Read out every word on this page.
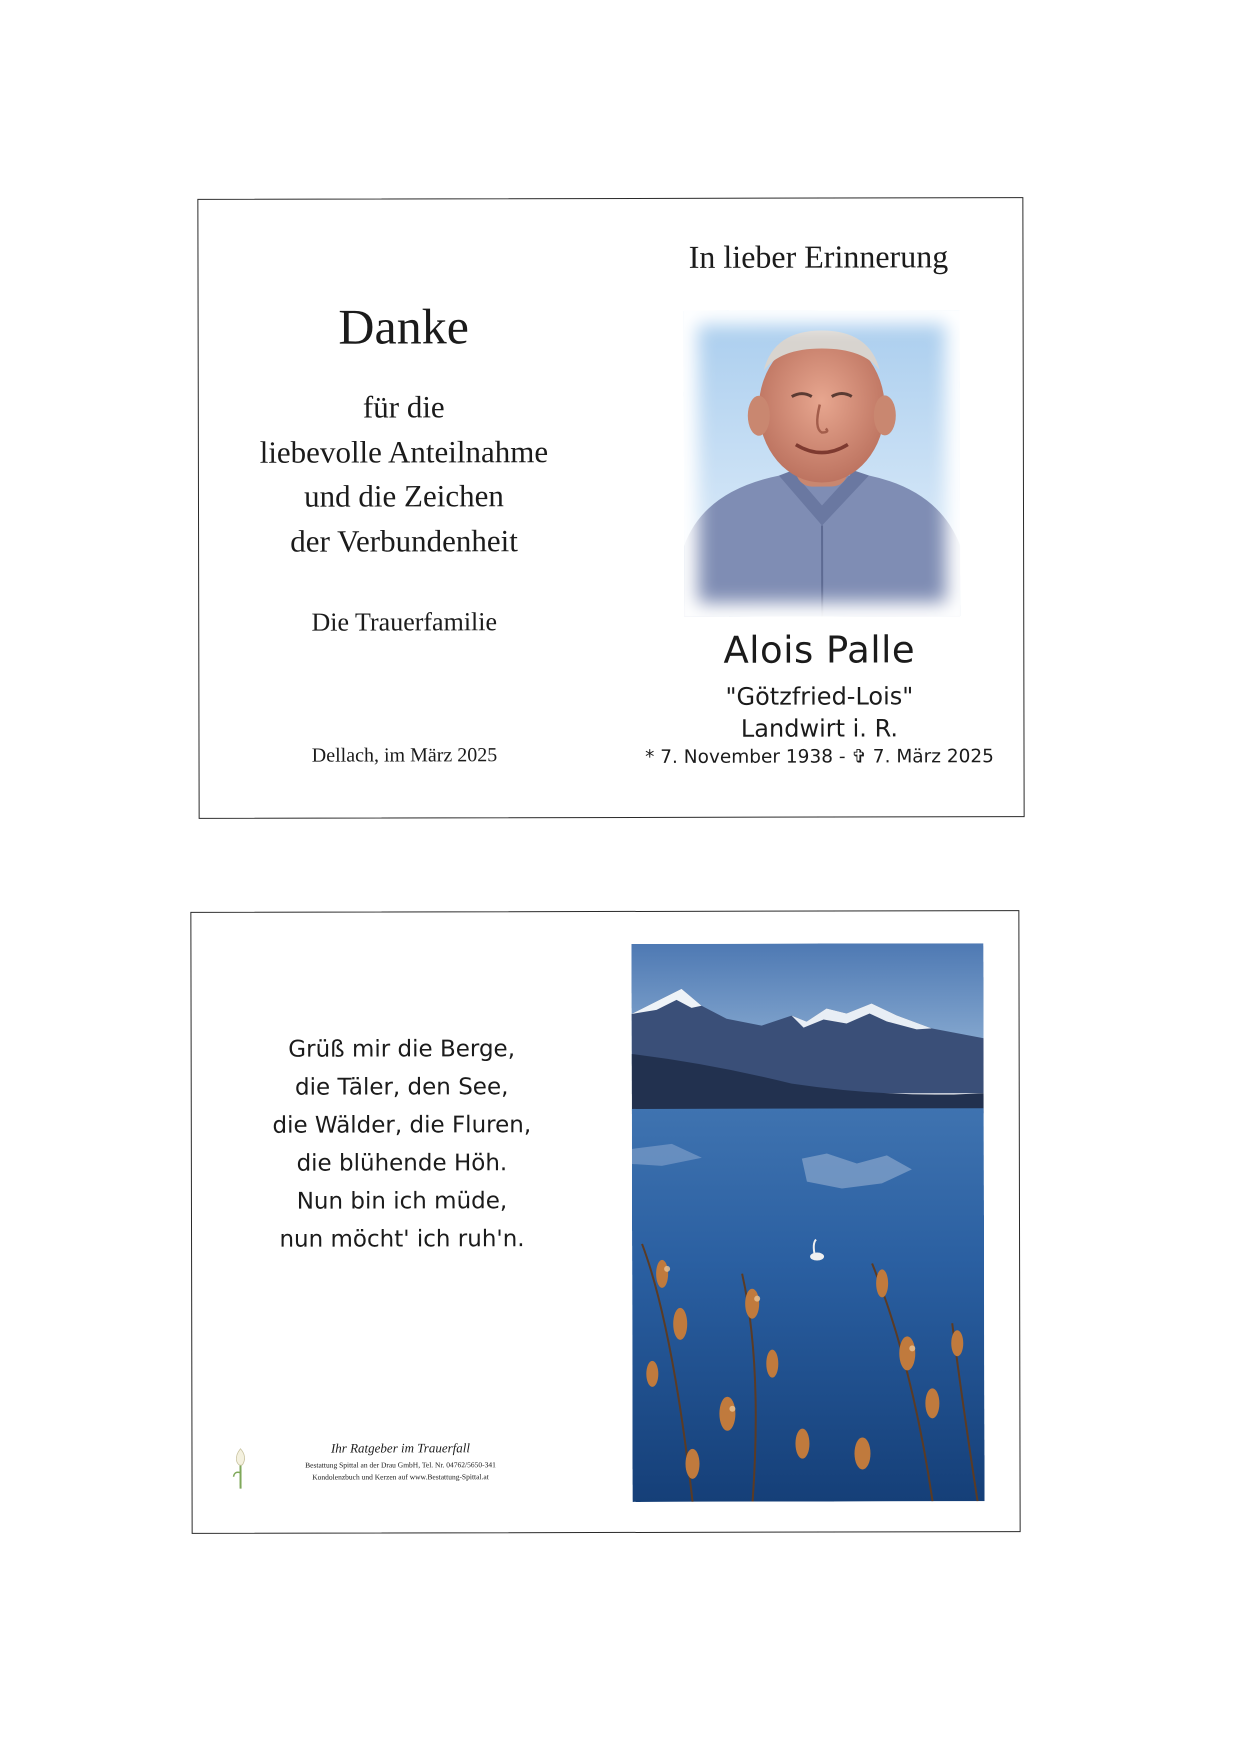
Danke
für die
liebevolle Anteilnahme
und die Zeichen
der Verbundenheit
Die Trauerfamilie
Dellach, im März 2025
In lieber Erinnerung
Alois Palle
"Götzfried-Lois"
Landwirt i. R.
* 7. November 1938 - ✞ 7. März 2025
Grüß mir die Berge,
die Täler, den See,
die Wälder, die Fluren,
die blühende Höh.
Nun bin ich müde,
nun möcht' ich ruh'n.
Ihr Ratgeber im Trauerfall
Bestattung Spittal an der Drau GmbH, Tel. Nr. 04762/5650-341
Kondolenzbuch und Kerzen auf www.Bestattung-Spittal.at
